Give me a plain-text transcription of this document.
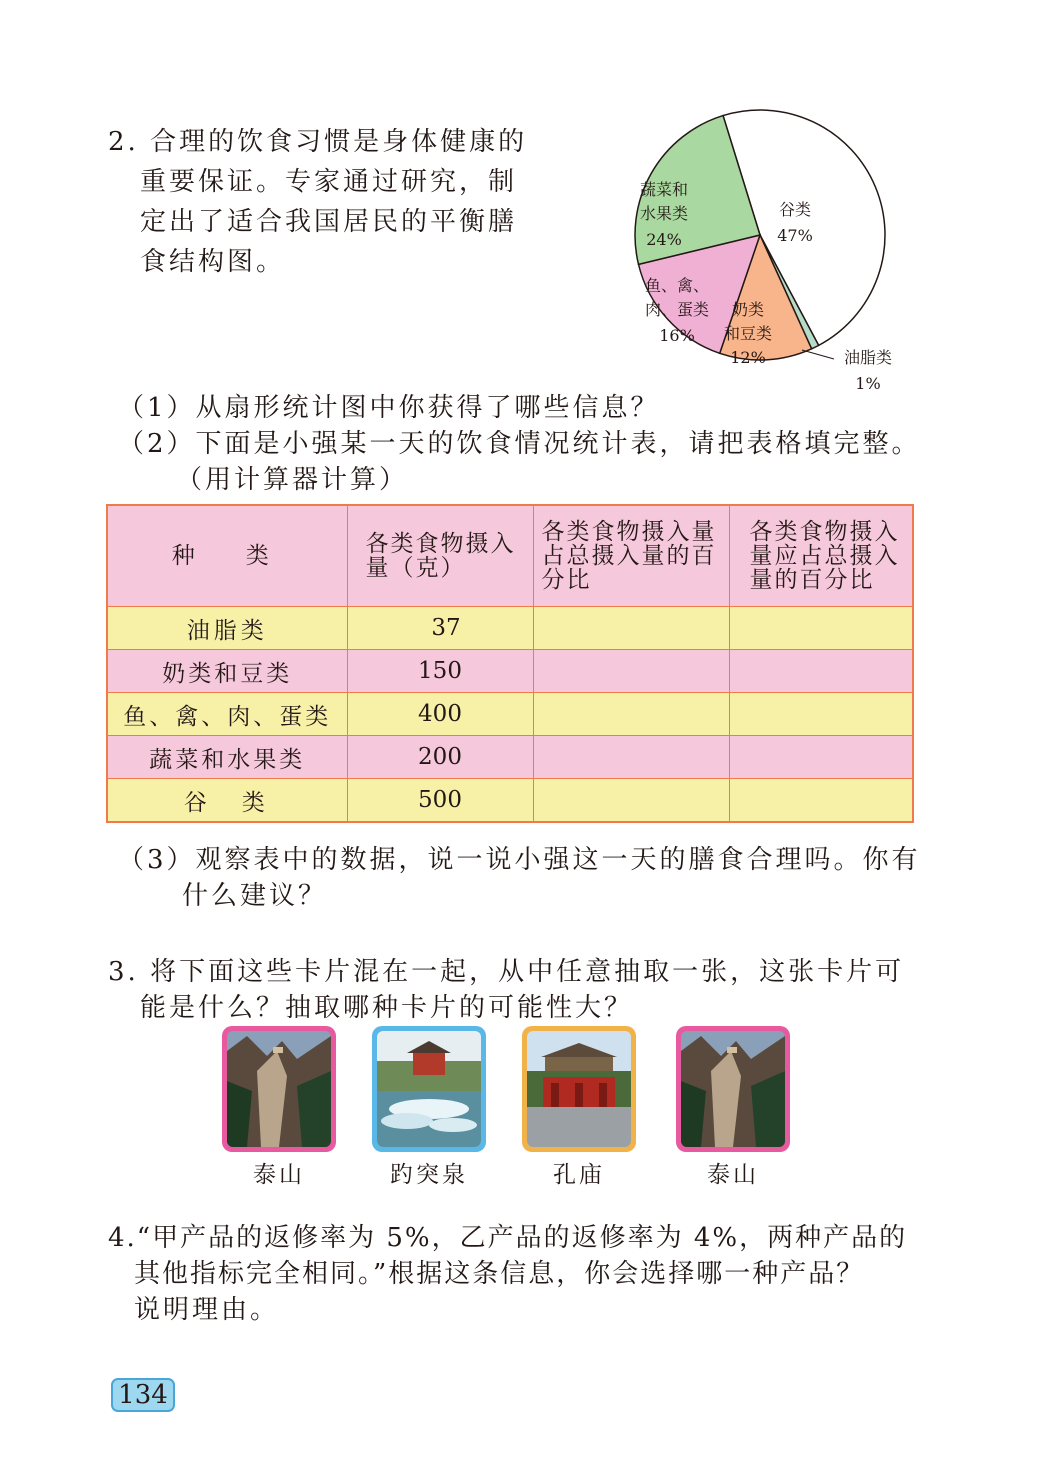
2. 合理的饮食习惯是身体健康的
重要保证。专家通过研究，制
定出了适合我国居民的平衡膳
食结构图。
谷类
47%
蔬菜和
水果类
24%
鱼、禽、
肉、蛋类
16%
奶类
和豆类
12%	油脂类
1%
（1）从扇形统计图中你获得了哪些信息？
（2）下面是小强某一天的饮食情况统计表，请把表格填完整。
（用计算器计算）
种　类	各类食物摄入量（克）	各类食物摄入量占总摄入量的百分比	各类食物摄入量应占总摄入量的百分比
油脂类	37		
奶类和豆类	150		
鱼、禽、肉、蛋类	400		
蔬菜和水果类	200		
谷　类	500		
（3）观察表中的数据，说一说小强这一天的膳食合理吗。你有
什么建议？
3. 将下面这些卡片混在一起，从中任意抽取一张，这张卡片可
能是什么？抽取哪种卡片的可能性大？
泰山	趵突泉	孔庙	泰山
4.“甲产品的返修率为 5%，乙产品的返修率为 4%，两种产品的
其他指标完全相同。”根据这条信息，你会选择哪一种产品？
说明理由。
134
